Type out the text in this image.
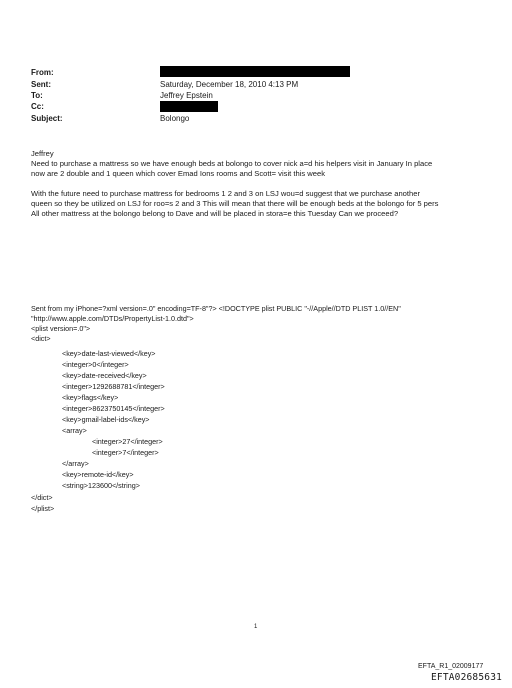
From:
Sent:	Saturday, December 18, 2010 4:13 PM
To:	Jeffrey Epstein
Cc:
Subject:	Bolongo

Jeffrey

Need to purchase a mattress so we have enough beds at bolongo to cover nick a=d his helpers visit in January In place

now are 2 double and 1 queen which cover Emad Ions rooms and Scott= visit this week

With the future need to purchase mattress for bedrooms 1 2 and 3 on LSJ wou=d suggest that we purchase another

queen so they be utilized on LSJ for roo=s 2 and 3 This will mean that there will be enough beds at the bolongo for 5 pers

All other mattress at the bolongo belong to Dave and will be placed in stora=e this Tuesday Can we proceed?

Sent from my iPhone=?xml version=.0" encoding=TF-8"?> <!DOCTYPE plist PUBLIC "-//Apple//DTD PLIST 1.0//EN"
"http://www.apple.com/DTDs/PropertyList-1.0.dtd">
<plist version=.0">
<dict>
<key>date-last-viewed</key>
<integer>0</integer>
<key>date-received</key>
<integer>1292688781</integer>
<key>flags</key>
<integer>8623750145</integer>
<key>gmail-label-ids</key>
<array>
<integer>27</integer>
<integer>7</integer>
</array>
<key>remote-id</key>
<string>123600</string>
</dict>
</plist>
1
EFTA_R1_02009177
EFTA02685631
